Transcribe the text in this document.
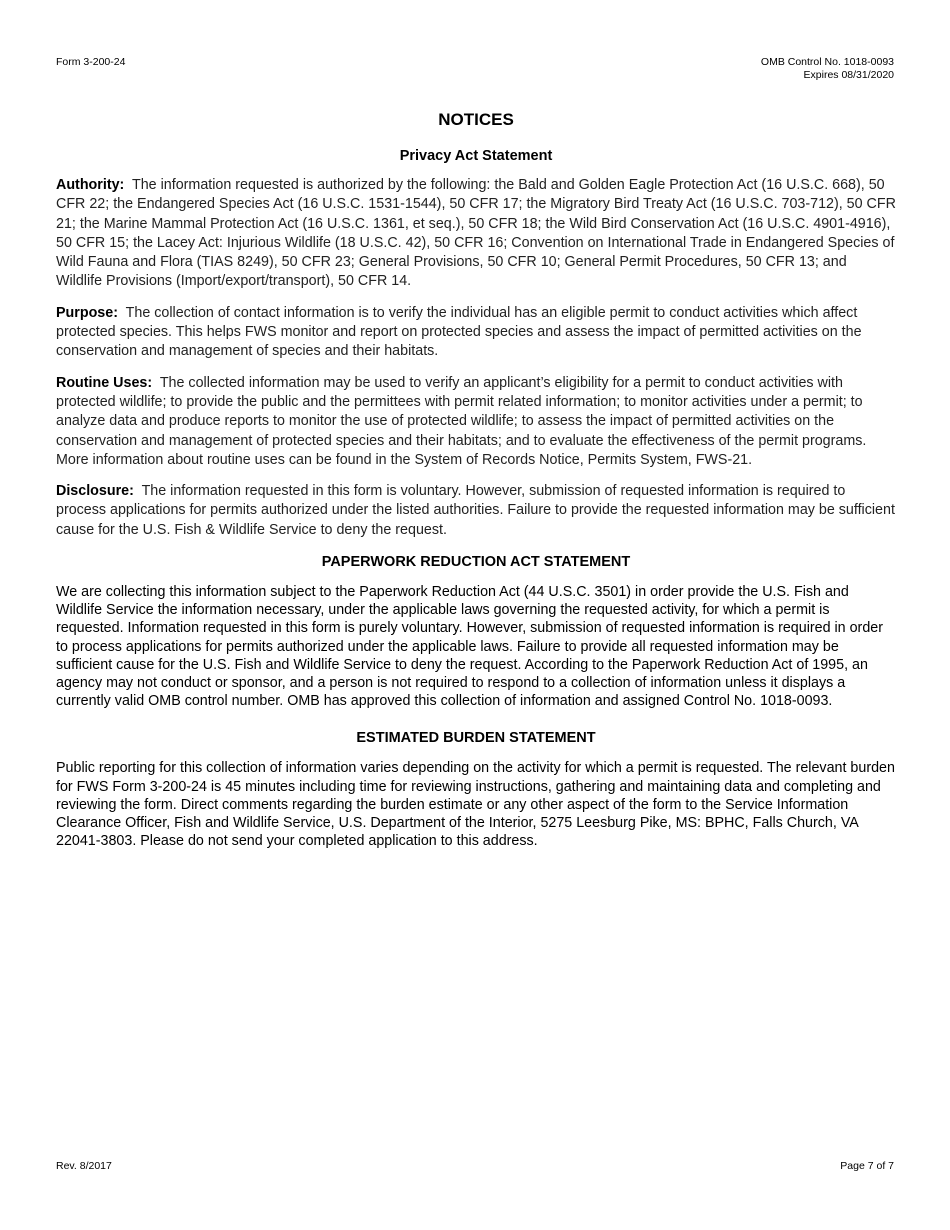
Form 3-200-24	OMB Control No. 1018-0093
Expires 08/31/2020
NOTICES
Privacy Act Statement

Authority: The information requested is authorized by the following: the Bald and Golden Eagle Protection Act (16 U.S.C. 668), 50 CFR 22; the Endangered Species Act (16 U.S.C. 1531-1544), 50 CFR 17; the Migratory Bird Treaty Act (16 U.S.C. 703-712), 50 CFR 21; the Marine Mammal Protection Act (16 U.S.C. 1361, et seq.), 50 CFR 18; the Wild Bird Conservation Act (16 U.S.C. 4901-4916), 50 CFR 15; the Lacey Act: Injurious Wildlife (18 U.S.C. 42), 50 CFR 16; Convention on International Trade in Endangered Species of Wild Fauna and Flora (TIAS 8249), 50 CFR 23; General Provisions, 50 CFR 10; General Permit Procedures, 50 CFR 13; and Wildlife Provisions (Import/export/transport), 50 CFR 14.

Purpose: The collection of contact information is to verify the individual has an eligible permit to conduct activities which affect protected species. This helps FWS monitor and report on protected species and assess the impact of permitted activities on the conservation and management of species and their habitats.

Routine Uses: The collected information may be used to verify an applicant’s eligibility for a permit to conduct activities with protected wildlife; to provide the public and the permittees with permit related information; to monitor activities under a permit; to analyze data and produce reports to monitor the use of protected wildlife; to assess the impact of permitted activities on the conservation and management of protected species and their habitats; and to evaluate the effectiveness of the permit programs. More information about routine uses can be found in the System of Records Notice, Permits System, FWS-21.

Disclosure: The information requested in this form is voluntary. However, submission of requested information is required to process applications for permits authorized under the listed authorities. Failure to provide the requested information may be sufficient cause for the U.S. Fish & Wildlife Service to deny the request.

PAPERWORK REDUCTION ACT STATEMENT

We are collecting this information subject to the Paperwork Reduction Act (44 U.S.C. 3501) in order provide the U.S. Fish and Wildlife Service the information necessary, under the applicable laws governing the requested activity, for which a permit is requested. Information requested in this form is purely voluntary. However, submission of requested information is required in order to process applications for permits authorized under the applicable laws. Failure to provide all requested information may be sufficient cause for the U.S. Fish and Wildlife Service to deny the request. According to the Paperwork Reduction Act of 1995, an agency may not conduct or sponsor, and a person is not required to respond to a collection of information unless it displays a currently valid OMB control number. OMB has approved this collection of information and assigned Control No. 1018-0093.

ESTIMATED BURDEN STATEMENT

Public reporting for this collection of information varies depending on the activity for which a permit is requested. The relevant burden for FWS Form 3-200-24 is 45 minutes including time for reviewing instructions, gathering and maintaining data and completing and reviewing the form. Direct comments regarding the burden estimate or any other aspect of the form to the Service Information Clearance Officer, Fish and Wildlife Service, U.S. Department of the Interior, 5275 Leesburg Pike, MS: BPHC, Falls Church, VA 22041-3803. Please do not send your completed application to this address.

Rev. 8/2017	Page 7 of 7
